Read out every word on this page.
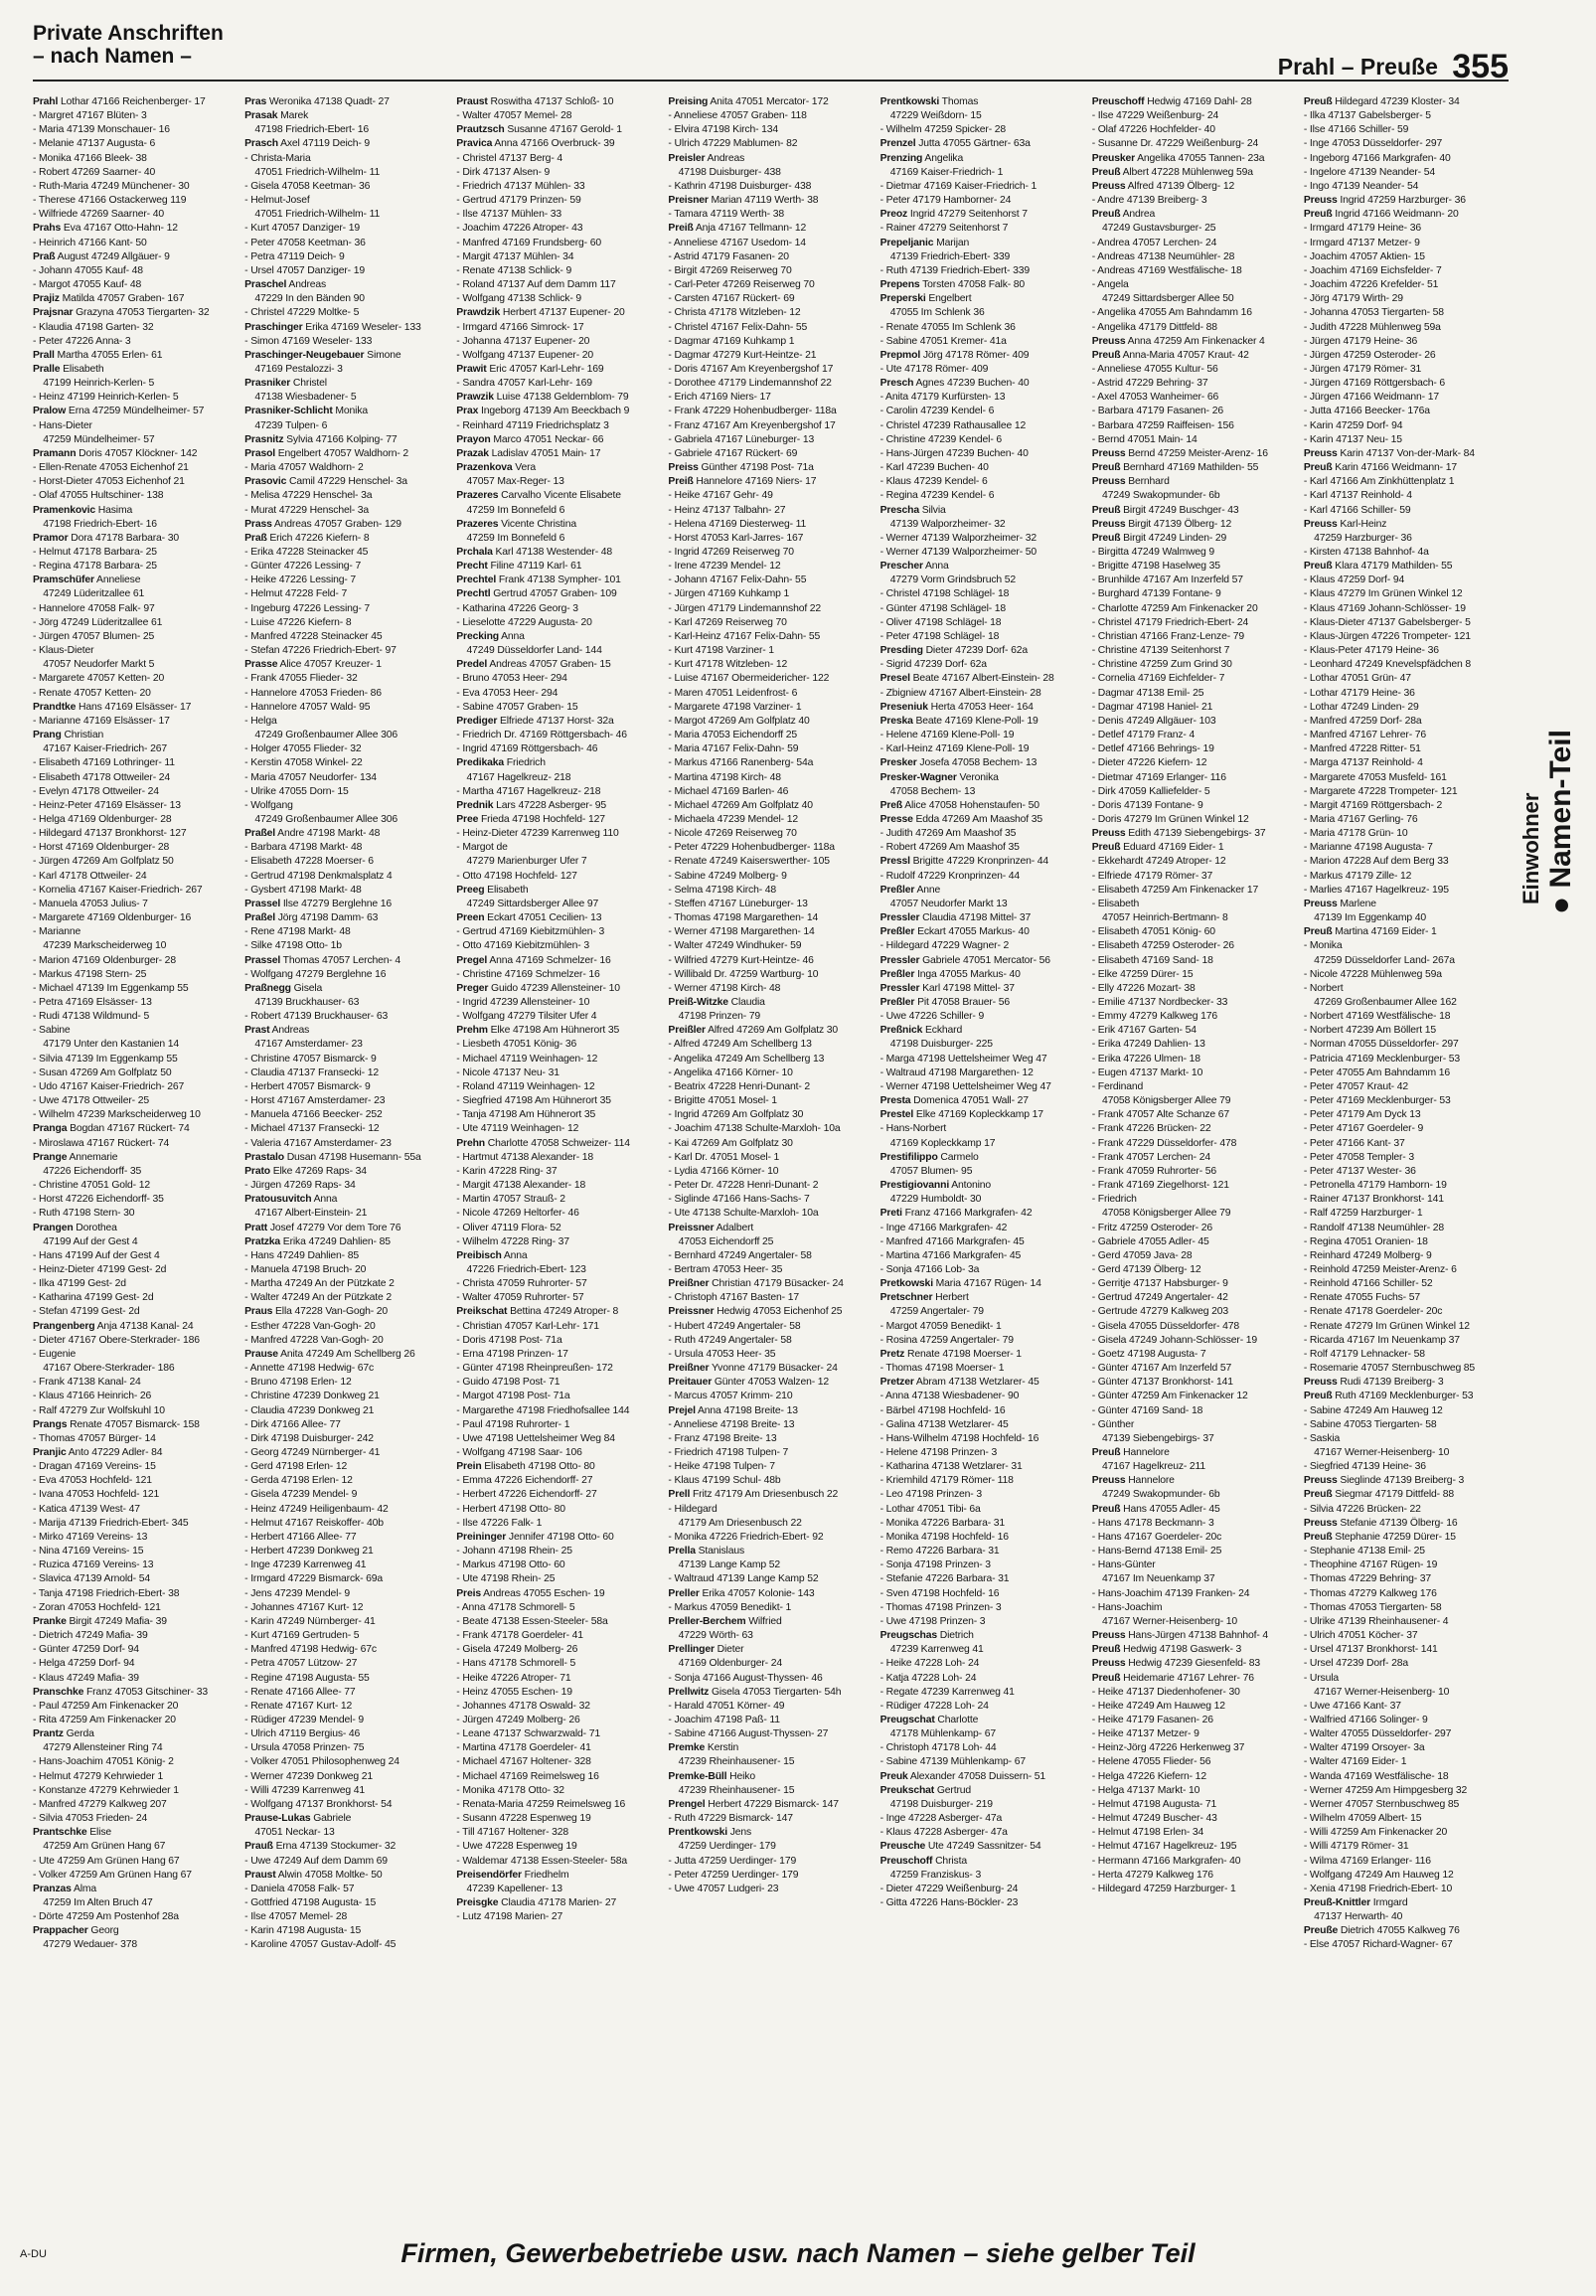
Private Anschriften
– nach Namen –	Prahl – Preuße 355
Prahl Lothar 47166 Reichenberger- 17
- Margret 47167 Blüten- 3
- Maria 47139 Monschauer- 16
- Melanie 47137 Augusta- 6
- Monika 47166 Bleek- 38
- Robert 47269 Saarner- 40
- Ruth-Maria 47249 Münchener- 30
- Therese 47166 Ostackerweg 119
- Wilfriede 47269 Saarner- 40
Prahs Eva 47167 Otto-Hahn- 12
- Heinrich 47166 Kant- 50
Praß August 47249 Allgäuer- 9
- Johann 47055 Kauf- 48
- Margot 47055 Kauf- 48
Prajiz Matilda 47057 Graben- 167
Prajsnar Grazyna 47053 Tiergarten- 32
- Klaudia 47198 Garten- 32
- Peter 47226 Anna- 3
Prall Martha 47055 Erlen- 61
Pralle Elisabeth
 47199 Heinrich-Kerlen- 5
- Heinz 47199 Heinrich-Kerlen- 5
Pralow Erna 47259 Mündelheimer- 57
- Hans-Dieter
 47259 Mündelheimer- 57
Pramann Doris 47057 Klöckner- 142
- Ellen-Renate 47053 Eichenhof 21
- Horst-Dieter 47053 Eichenhof 21
- Olaf 47055 Hultschiner- 138
Pramenkovic Hasima
 47198 Friedrich-Ebert- 16
Pramor Dora 47178 Barbara- 30
- Helmut 47178 Barbara- 25
- Regina 47178 Barbara- 25
Pramschüfer Anneliese
 47249 Lüderitzallee 61
- Hannelore 47058 Falk- 97
- Jörg 47249 Lüderitzallee 61
- Jürgen 47057 Blumen- 25
- Klaus-Dieter
 47057 Neudorfer Markt 5
- Margarete 47057 Ketten- 20
- Renate 47057 Ketten- 20
Prandtke Hans 47169 Elsässer- 17
- Marianne 47169 Elsässer- 17
Prang Christian
 47167 Kaiser-Friedrich- 267
- Elisabeth 47169 Lothringer- 11
- Elisabeth 47178 Ottweiler- 24
- Evelyn 47178 Ottweiler- 24
- Heinz-Peter 47169 Elsässer- 13
- Helga 47169 Oldenburger- 28
- Hildegard 47137 Bronkhorst- 127
- Horst 47169 Oldenburger- 28
- Jürgen 47269 Am Golfplatz 50
- Karl 47178 Ottweiler- 24
- Kornelia 47167 Kaiser-Friedrich- 267
- Manuela 47053 Julius- 7
- Margarete 47169 Oldenburger- 16
- Marianne
 47239 Markscheiderweg 10
- Marion 47169 Oldenburger- 28
- Markus 47198 Stern- 25
- Michael 47139 Im Eggenkamp 55
- Petra 47169 Elsässer- 13
- Rudi 47138 Wildmund- 5
- Sabine
 47179 Unter den Kastanien 14
- Silvia 47139 Im Eggenkamp 55
- Susan 47269 Am Golfplatz 50
- Udo 47167 Kaiser-Friedrich- 267
- Uwe 47178 Ottweiler- 25
- Wilhelm 47239 Markscheiderweg 10
Pranga Bogdan 47167 Rückert- 74
- Miroslawa 47167 Rückert- 74
Prange Annemarie
 47226 Eichendorff- 35
- Christine 47051 Gold- 12
- Horst 47226 Eichendorff- 35
- Ruth 47198 Stern- 30
Prangen Dorothea
 47199 Auf der Gest 4
- Hans 47199 Auf der Gest 4
- Heinz-Dieter 47199 Gest- 2d
- Ilka 47199 Gest- 2d
- Katharina 47199 Gest- 2d
- Stefan 47199 Gest- 2d
Prangenberg Anja 47138 Kanal- 24
- Dieter 47167 Obere-Sterkrader- 186
- Eugenie
 47167 Obere-Sterkrader- 186
- Frank 47138 Kanal- 24
- Klaus 47166 Heinrich- 26
- Ralf 47279 Zur Wolfskuhl 10
Prangs Renate 47057 Bismarck- 158
- Thomas 47057 Bürger- 14
Pranjic Anto 47229 Adler- 84
- Dragan 47169 Vereins- 15
- Eva 47053 Hochfeld- 121
- Ivana 47053 Hochfeld- 121
- Katica 47139 West- 47
- Marija 47139 Friedrich-Ebert- 345
- Mirko 47169 Vereins- 13
- Nina 47169 Vereins- 15
- Ruzica 47169 Vereins- 13
- Slavica 47139 Arnold- 54
- Tanja 47198 Friedrich-Ebert- 38
- Zoran 47053 Hochfeld- 121
Pranke Birgit 47249 Mafia- 39
- Dietrich 47249 Mafia- 39
- Günter 47259 Dorf- 94
- Helga 47259 Dorf- 94
- Klaus 47249 Mafia- 39
Pranschke Franz 47053 Gitschiner- 33
- Paul 47259 Am Finkenacker 20
- Rita 47259 Am Finkenacker 20
Prantz Gerda
 47279 Allensteiner Ring 74
- Hans-Joachim 47051 König- 2
- Helmut 47279 Kehrwieder 1
- Konstanze 47279 Kehrwieder 1
- Manfred 47279 Kalkweg 207
- Silvia 47053 Frieden- 24
Prantschke Elise
 47259 Am Grünen Hang 67
- Ute 47259 Am Grünen Hang 67
- Volker 47259 Am Grünen Hang 67
Pranzas Alma
 47259 Im Alten Bruch 47
- Dörte 47259 Am Postenhof 28a
Prappacher Georg
 47279 Wedauer- 378
Pras Weronika 47138 Quadt- 27
Prasak Marek
 47198 Friedrich-Ebert- 16
Prasch Axel 47119 Deich- 9
- Christa-Maria
 47051 Friedrich-Wilhelm- 11
- Gisela 47058 Keetman- 36
- Helmut-Josef
 47051 Friedrich-Wilhelm- 11
- Kurt 47057 Danziger- 19
- Peter 47058 Keetman- 36
- Petra 47119 Deich- 9
- Ursel 47057 Danziger- 19
Praschel Andreas
 47229 In den Bänden 90
- Christel 47229 Moltke- 5
Praschinger Erika 47169 Weseler- 133
- Simon 47169 Weseler- 133
Praschinger-Neugebauer Simone
 47169 Pestalozzi- 3
Prasniker Christel
 47138 Wiesbadener- 5
Prasniker-Schlicht Monika
 47239 Tulpen- 6
Prasnitz Sylvia 47166 Kolping- 77
Prasol Engelbert 47057 Waldhorn- 2
- Maria 47057 Waldhorn- 2
Prasovic Camil 47229 Henschel- 3a
- Melisa 47229 Henschel- 3a
- Murat 47229 Henschel- 3a
Prass Andreas 47057 Graben- 129
Praß Erich 47226 Kiefern- 8
- Erika 47228 Steinacker 45
- Günter 47226 Lessing- 7
- Heike 47226 Lessing- 7
- Helmut 47228 Feld- 7
- Ingeburg 47226 Lessing- 7
- Luise 47226 Kiefern- 8
- Manfred 47228 Steinacker 45
- Stefan 47226 Friedrich-Ebert- 97
Prasse Alice 47057 Kreuzer- 1
- Frank 47055 Flieder- 32
- Hannelore 47053 Frieden- 86
- Hannelore 47057 Wald- 95
- Helga
 47249 Großenbaumer Allee 306
- Holger 47055 Flieder- 32
- Kerstin 47058 Winkel- 22
- Maria 47057 Neudorfer- 134
- Ulrike 47055 Dorn- 15
- Wolfgang
 47249 Großenbaumer Allee 306
Praßel Andre 47198 Markt- 48
- Barbara 47198 Markt- 48
- Elisabeth 47228 Moerser- 6
- Gertrud 47198 Denkmalsplatz 4
- Gysbert 47198 Markt- 48
Prassel Ilse 47279 Berglehne 16
Praßel Jörg 47198 Damm- 63
- Rene 47198 Markt- 48
- Silke 47198 Otto- 1b
Prassel Thomas 47057 Lerchen- 4
- Wolfgang 47279 Berglehne 16
Praßnegg Gisela
 47139 Bruckhauser- 63
- Robert 47139 Bruckhauser- 63
Prast Andreas
 47167 Amsterdamer- 23
- Christine 47057 Bismarck- 9
- Claudia 47137 Fransecki- 12
- Herbert 47057 Bismarck- 9
- Horst 47167 Amsterdamer- 23
- Manuela 47166 Beecker- 252
- Michael 47137 Fransecki- 12
- Valeria 47167 Amsterdamer- 23
Prastalo Dusan 47198 Husemann- 55a
Prato Elke 47269 Raps- 34
- Jürgen 47269 Raps- 34
Pratousuvitch Anna
 47167 Albert-Einstein- 21
Pratt Josef 47279 Vor dem Tore 76
Pratzka Erika 47249 Dahlien- 85
- Hans 47249 Dahlien- 85
- Manuela 47198 Bruch- 20
- Martha 47249 An der Pützkate 2
- Walter 47249 An der Pützkate 2
Praus Ella 47228 Van-Gogh- 20
- Esther 47228 Van-Gogh- 20
- Manfred 47228 Van-Gogh- 20
Prause Anita 47249 Am Schellberg 26
- Annette 47198 Hedwig- 67c
- Bruno 47198 Erlen- 12
- Christine 47239 Donkweg 21
- Claudia 47239 Donkweg 21
- Dirk 47166 Allee- 77
- Dirk 47198 Duisburger- 242
- Georg 47249 Nürnberger- 41
- Gerd 47198 Erlen- 12
- Gerda 47198 Erlen- 12
- Gisela 47239 Mendel- 9
- Heinz 47249 Heiligenbaum- 42
- Helmut 47167 Reiskoffer- 40b
- Herbert 47166 Allee- 77
- Herbert 47239 Donkweg 21
- Inge 47239 Karrenweg 41
- Irmgard 47229 Bismarck- 69a
- Jens 47239 Mendel- 9
- Johannes 47167 Kurt- 12
- Karin 47249 Nürnberger- 41
- Kurt 47169 Gertruden- 5
- Manfred 47198 Hedwig- 67c
- Petra 47057 Lützow- 27
- Regine 47198 Augusta- 55
- Renate 47166 Allee- 77
- Renate 47167 Kurt- 12
- Rüdiger 47239 Mendel- 9
- Ulrich 47119 Bergius- 46
- Ursula 47058 Prinzen- 75
- Volker 47051 Philosophenweg 24
- Werner 47239 Donkweg 21
- Willi 47239 Karrenweg 41
- Wolfgang 47137 Bronkhorst- 54
Prause-Lukas Gabriele
 47051 Neckar- 13
Prauß Erna 47139 Stockumer- 32
- Uwe 47249 Auf dem Damm 69
Praust Alwin 47058 Moltke- 50
- Daniela 47058 Falk- 57
- Gottfried 47198 Augusta- 15
- Ilse 47057 Memel- 28
- Karin 47198 Augusta- 15
- Karoline 47057 Gustav-Adolf- 45
Praust Roswitha 47137 Schloß- 10
- Walter 47057 Memel- 28
Prautzsch Susanne 47167 Gerold- 1
Pravica Anna 47166 Overbruck- 39
- Christel 47137 Berg- 4
- Dirk 47137 Alsen- 9
- Friedrich 47137 Mühlen- 33
- Gertrud 47179 Prinzen- 59
- Ilse 47137 Mühlen- 33
- Joachim 47226 Atroper- 43
- Manfred 47169 Frundsberg- 60
- Margit 47137 Mühlen- 34
- Renate 47138 Schlick- 9
- Roland 47137 Auf dem Damm 117
- Wolfgang 47138 Schlick- 9
Prawdzik Herbert 47137 Eupener- 20
- Irmgard 47166 Simrock- 17
- Johanna 47137 Eupener- 20
- Wolfgang 47137 Eupener- 20
Prawit Eric 47057 Karl-Lehr- 169
- Sandra 47057 Karl-Lehr- 169
Prawzik Luise 47138 Geldernblom- 79
Prax Ingeborg 47139 Am Beeckbach 9
- Reinhard 47119 Friedrichsplatz 3
Prayon Marco 47051 Neckar- 66
Prazak Ladislav 47051 Main- 17
Prazenkova Vera
 47057 Max-Reger- 13
Prazeres Carvalho Vicente Elisabete
 47259 Im Bonnefeld 6
Prazeres Vicente Christina
 47259 Im Bonnefeld 6
Prchala Karl 47138 Westender- 48
Precht Filine 47119 Karl- 61
Prechtel Frank 47138 Sympher- 101
Prechtl Gertrud 47057 Graben- 109
- Katharina 47226 Georg- 3
- Lieselotte 47229 Augusta- 20
Precking Anna
 47249 Düsseldorfer Land- 144
Predel Andreas 47057 Graben- 15
- Bruno 47053 Heer- 294
- Eva 47053 Heer- 294
- Sabine 47057 Graben- 15
Prediger Elfriede 47137 Horst- 32a
- Friedrich Dr. 47169 Röttgersbach- 46
- Ingrid 47169 Röttgersbach- 46
Predikaka Friedrich
 47167 Hagelkreuz- 218
- Martha 47167 Hagelkreuz- 218
Prednik Lars 47228 Asberger- 95
Pree Frieda 47198 Hochfeld- 127
- Heinz-Dieter 47239 Karrenweg 110
- Margot de
 47279 Marienburger Ufer 7
- Otto 47198 Hochfeld- 127
Preeg Elisabeth
 47249 Sittardsberger Allee 97
Preen Eckart 47051 Cecilien- 13
- Gertrud 47169 Kiebitzmühlen- 3
- Otto 47169 Kiebitzmühlen- 3
Pregel Anna 47169 Schmelzer- 16
- Christine 47169 Schmelzer- 16
Preger Guido 47239 Allensteiner- 10
- Ingrid 47239 Allensteiner- 10
- Wolfgang 47279 Tilsiter Ufer 4
Prehm Elke 47198 Am Hühnerort 35
- Liesbeth 47051 König- 36
- Michael 47119 Weinhagen- 12
- Nicole 47137 Neu- 31
- Roland 47119 Weinhagen- 12
- Siegfried 47198 Am Hühnerort 35
- Tanja 47198 Am Hühnerort 35
- Ute 47119 Weinhagen- 12
Prehn Charlotte 47058 Schweizer- 114
- Hartmut 47138 Alexander- 18
- Karin 47228 Ring- 37
- Margit 47138 Alexander- 18
- Martin 47057 Strauß- 2
- Nicole 47269 Heltorfer- 46
- Oliver 47119 Flora- 52
- Wilhelm 47228 Ring- 37
Preibisch Anna
 47226 Friedrich-Ebert- 123
- Christa 47059 Ruhrorter- 57
- Walter 47059 Ruhrorter- 57
Preikschat Bettina 47249 Atroper- 8
- Christian 47057 Karl-Lehr- 171
- Doris 47198 Post- 71a
- Erna 47198 Prinzen- 17
- Günter 47198 Rheinpreußen- 172
- Guido 47198 Post- 71
- Margot 47198 Post- 71a
- Margarethe 47198 Friedhofsallee 144
- Paul 47198 Ruhrorter- 1
- Uwe 47198 Uettelsheimer Weg 84
- Wolfgang 47198 Saar- 106
Prein Elisabeth 47198 Otto- 80
- Emma 47226 Eichendorff- 27
- Herbert 47226 Eichendorff- 27
- Herbert 47198 Otto- 80
- Ilse 47226 Falk- 1
Preininger Jennifer 47198 Otto- 60
- Johann 47198 Rhein- 25
- Markus 47198 Otto- 60
- Ute 47198 Rhein- 25
Preis Andreas 47055 Eschen- 19
- Anna 47178 Schmorell- 5
- Beate 47138 Essen-Steeler- 58a
- Frank 47178 Goerdeler- 41
- Gisela 47249 Molberg- 26
- Hans 47178 Schmorell- 5
- Heike 47226 Atroper- 71
- Heinz 47055 Eschen- 19
- Johannes 47178 Oswald- 32
- Jürgen 47249 Molberg- 26
- Leane 47137 Schwarzwald- 71
- Martina 47178 Goerdeler- 41
- Michael 47167 Holtener- 328
- Michael 47169 Reimelsweg 16
- Monika 47178 Otto- 32
- Renata-Maria 47259 Reimelsweg 16
- Susann 47228 Espenweg 19
- Till 47167 Holtener- 328
- Uwe 47228 Espenweg 19
- Waldemar 47138 Essen-Steeler- 58a
Preisendörfer Friedhelm
 47239 Kapellener- 13
Preisgke Claudia 47178 Marien- 27
- Lutz 47198 Marien- 27
Preising Anita 47051 Mercator- 172
- Anneliese 47057 Graben- 118
- Elvira 47198 Kirch- 134
- Ulrich 47229 Mablumen- 82
Preisler Andreas
 47198 Duisburger- 438
- Kathrin 47198 Duisburger- 438
Preisner Marian 47119 Werth- 38
- Tamara 47119 Werth- 38
Preiß Anja 47167 Tellmann- 12
- Anneliese 47167 Usedom- 14
- Astrid 47179 Fasanen- 20
- Birgit 47269 Reiserweg 70
- Carl-Peter 47269 Reiserweg 70
- Carsten 47167 Rückert- 69
- Christa 47178 Witzleben- 12
- Christel 47167 Felix-Dahn- 55
- Dagmar 47169 Kuhkamp 1
- Dagmar 47279 Kurt-Heintze- 21
- Doris 47167 Am Kreyenbergshof 17
- Dorothee 47179 Lindemannshof 22
- Erich 47169 Niers- 17
- Frank 47229 Hohenbudberger- 118a
- Franz 47167 Am Kreyenbergshof 17
- Gabriela 47167 Lüneburger- 13
- Gabriele 47167 Rückert- 69
Preiss Günther 47198 Post- 71a
Preiß Hannelore 47169 Niers- 17
- Heike 47167 Gehr- 49
- Heinz 47137 Talbahn- 27
- Helena 47169 Diesterweg- 11
- Horst 47053 Karl-Jarres- 167
- Ingrid 47269 Reiserweg 70
- Irene 47239 Mendel- 12
- Johann 47167 Felix-Dahn- 55
- Jürgen 47169 Kuhkamp 1
- Jürgen 47179 Lindemannshof 22
- Karl 47269 Reiserweg 70
- Karl-Heinz 47167 Felix-Dahn- 55
- Kurt 47198 Varziner- 1
- Kurt 47178 Witzleben- 12
- Luise 47167 Obermeidericher- 122
- Maren 47051 Leidenfrost- 6
- Margarete 47198 Varziner- 1
- Margot 47269 Am Golfplatz 40
- Maria 47053 Eichendorff 25
- Maria 47167 Felix-Dahn- 59
- Markus 47166 Ranenberg- 54a
- Martina 47198 Kirch- 48
- Michael 47169 Barlen- 46
- Michael 47269 Am Golfplatz 40
- Michaela 47239 Mendel- 12
- Nicole 47269 Reiserweg 70
- Peter 47229 Hohenbudberger- 118a
- Renate 47249 Kaiserswerther- 105
- Sabine 47249 Molberg- 9
- Selma 47198 Kirch- 48
- Steffen 47167 Lüneburger- 13
- Thomas 47198 Margarethen- 14
- Werner 47198 Margarethen- 14
- Walter 47249 Windhuker- 59
- Wilfried 47279 Kurt-Heintze- 46
- Willibald Dr. 47259 Wartburg- 10
- Werner 47198 Kirch- 48
Preiß-Witzke Claudia
 47198 Prinzen- 79
Preißler Alfred 47269 Am Golfplatz 30
- Alfred 47249 Am Schellberg 13
- Angelika 47249 Am Schellberg 13
- Angelika 47166 Körner- 10
- Beatrix 47228 Henri-Dunant- 2
- Brigitte 47051 Mosel- 1
- Ingrid 47269 Am Golfplatz 30
- Joachim 47138 Schulte-Marxloh- 10a
- Kai 47269 Am Golfplatz 30
- Karl Dr. 47051 Mosel- 1
- Lydia 47166 Körner- 10
- Peter Dr. 47228 Henri-Dunant- 2
- Siglinde 47166 Hans-Sachs- 7
- Ute 47138 Schulte-Marxloh- 10a
Preissner Adalbert
 47053 Eichendorff 25
- Bernhard 47249 Angertaler- 58
- Bertram 47053 Heer- 35
Preißner Christian 47179 Büsacker- 24
- Christoph 47167 Basten- 17
Preissner Hedwig 47053 Eichenhof 25
- Hubert 47249 Angertaler- 58
- Ruth 47249 Angertaler- 58
- Ursula 47053 Heer- 35
Preißner Yvonne 47179 Büsacker- 24
Preitauer Günter 47053 Walzen- 12
- Marcus 47057 Krimm- 210
Prejel Anna 47198 Breite- 13
- Anneliese 47198 Breite- 13
- Franz 47198 Breite- 13
- Friedrich 47198 Tulpen- 7
- Heike 47198 Tulpen- 7
- Klaus 47199 Schul- 48b
Prell Fritz 47179 Am Driesenbusch 22
- Hildegard
 47179 Am Driesenbusch 22
- Monika 47226 Friedrich-Ebert- 92
Prella Stanislaus
 47139 Lange Kamp 52
- Waltraud 47139 Lange Kamp 52
Preller Erika 47057 Kolonie- 143
- Markus 47059 Benedikt- 1
Preller-Berchem Wilfried
 47229 Wörth- 63
Prellinger Dieter
 47169 Oldenburger- 24
- Sonja 47166 August-Thyssen- 46
Prellwitz Gisela 47053 Tiergarten- 54h
- Harald 47051 Körner- 49
- Joachim 47198 Paß- 11
- Sabine 47166 August-Thyssen- 27
Premke Kerstin
 47239 Rheinhausener- 15
Premke-Büll Heiko
 47239 Rheinhausener- 15
Prengel Herbert 47229 Bismarck- 147
- Ruth 47229 Bismarck- 147
Prentkowski Jens
 47259 Uerdinger- 179
- Jutta 47259 Uerdinger- 179
- Peter 47259 Uerdinger- 179
- Uwe 47057 Ludgeri- 23
Prentkowski Thomas
 47229 Weißdorn- 15
- Wilhelm 47259 Spicker- 28
Prenzel Jutta 47055 Gärtner- 63a
Prenzing Angelika
 47169 Kaiser-Friedrich- 1
- Dietmar 47169 Kaiser-Friedrich- 1
- Peter 47179 Hamborner- 24
Preoz Ingrid 47279 Seitenhorst 7
- Rainer 47279 Seitenhorst 7
Prepeljanic Marijan
 47139 Friedrich-Ebert- 339
- Ruth 47139 Friedrich-Ebert- 339
Prepens Torsten 47058 Falk- 80
Preperski Engelbert
 47055 Im Schlenk 36
- Renate 47055 Im Schlenk 36
- Sabine 47051 Kremer- 41a
Prepmol Jörg 47178 Römer- 409
- Ute 47178 Römer- 409
Presch Agnes 47239 Buchen- 40
- Anita 47179 Kurfürsten- 13
- Carolin 47239 Kendel- 6
- Christel 47239 Rathausallee 12
- Christine 47239 Kendel- 6
- Hans-Jürgen 47239 Buchen- 40
- Karl 47239 Buchen- 40
- Klaus 47239 Kendel- 6
- Regina 47239 Kendel- 6
Prescha Silvia
 47139 Walporzheimer- 32
- Werner 47139 Walporzheimer- 32
- Werner 47139 Walporzheimer- 50
Prescher Anna
 47279 Vorm Grindsbruch 52
- Christel 47198 Schlägel- 18
- Günter 47198 Schlägel- 18
- Oliver 47198 Schlägel- 18
- Peter 47198 Schlägel- 18
Presding Dieter 47239 Dorf- 62a
- Sigrid 47239 Dorf- 62a
Presel Beate 47167 Albert-Einstein- 28
- Zbigniew 47167 Albert-Einstein- 28
Preseniuk Herta 47053 Heer- 164
Preska Beate 47169 Klene-Poll- 19
- Helene 47169 Klene-Poll- 19
- Karl-Heinz 47169 Klene-Poll- 19
Presker Josefa 47058 Bechem- 13
Presker-Wagner Veronika
 47058 Bechem- 13
Preß Alice 47058 Hohenstaufen- 50
Presse Edda 47269 Am Maashof 35
- Judith 47269 Am Maashof 35
- Robert 47269 Am Maashof 35
Pressl Brigitte 47229 Kronprinzen- 44
- Rudolf 47229 Kronprinzen- 44
Preßler Anne
 47057 Neudorfer Markt 13
Pressler Claudia 47198 Mittel- 37
Preßler Eckart 47055 Markus- 40
- Hildegard 47229 Wagner- 2
Pressler Gabriele 47051 Mercator- 56
Preßler Inga 47055 Markus- 40
Pressler Karl 47198 Mittel- 37
Preßler Pit 47058 Brauer- 56
- Uwe 47226 Schiller- 9
Preßnick Eckhard
 47198 Duisburger- 225
- Marga 47198 Uettelsheimer Weg 47
- Waltraud 47198 Margarethen- 12
- Werner 47198 Uettelsheimer Weg 47
Presta Domenica 47051 Wall- 27
Prestel Elke 47169 Kopleckkamp 17
- Hans-Norbert
 47169 Kopleckkamp 17
Prestifilippo Carmelo
 47057 Blumen- 95
Prestigiovanni Antonino
 47229 Humboldt- 30
Preti Franz 47166 Markgrafen- 42
- Inge 47166 Markgrafen- 42
- Manfred 47166 Markgrafen- 45
- Martina 47166 Markgrafen- 45
- Sonja 47166 Lob- 3a
Pretkowski Maria 47167 Rügen- 14
Pretschner Herbert
 47259 Angertaler- 79
- Margot 47059 Benedikt- 1
- Rosina 47259 Angertaler- 79
Pretz Renate 47198 Moerser- 1
- Thomas 47198 Moerser- 1
Pretzer Abram 47138 Wetzlarer- 45
- Anna 47138 Wiesbadener- 90
- Bärbel 47198 Hochfeld- 16
- Galina 47138 Wetzlarer- 45
- Hans-Wilhelm 47198 Hochfeld- 16
- Helene 47198 Prinzen- 3
- Katharina 47138 Wetzlarer- 31
- Kriemhild 47179 Römer- 118
- Leo 47198 Prinzen- 3
- Lothar 47051 Tibi- 6a
- Monika 47226 Barbara- 31
- Monika 47198 Hochfeld- 16
- Remo 47226 Barbara- 31
- Sonja 47198 Prinzen- 3
- Stefanie 47226 Barbara- 31
- Sven 47198 Hochfeld- 16
- Thomas 47198 Prinzen- 3
- Uwe 47198 Prinzen- 3
Preugschas Dietrich
 47239 Karrenweg 41
- Heike 47228 Loh- 24
- Katja 47228 Loh- 24
- Regate 47239 Karrenweg 41
- Rüdiger 47228 Loh- 24
Preugschat Charlotte
 47178 Mühlenkamp- 67
- Christoph 47178 Loh- 44
- Sabine 47139 Mühlenkamp- 67
Preuk Alexander 47058 Duissern- 51
Preukschat Gertrud
 47198 Duisburger- 219
- Inge 47228 Asberger- 47a
- Klaus 47228 Asberger- 47a
Preusche Ute 47249 Sassnitzer- 54
Preuschoff Christa
 47259 Franziskus- 3
- Dieter 47229 Weißenburg- 24
- Gitta 47226 Hans-Böckler- 23
Preuschoff Hedwig 47169 Dahl- 28
- Ilse 47229 Weißenburg- 24
- Olaf 47226 Hochfelder- 40
- Susanne Dr. 47229 Weißenburg- 24
Preusker Angelika 47055 Tannen- 23a
Preuß Albert 47228 Mühlenweg 59a
Preuss Alfred 47139 Ölberg- 12
- Andre 47139 Breiberg- 3
Preuß Andrea
 47249 Gustavsburger- 25
- Andrea 47057 Lerchen- 24
- Andreas 47138 Neumühler- 28
- Andreas 47169 Westfälische- 18
- Angela
 47249 Sittardsberger Allee 50
- Angelika 47055 Am Bahndamm 16
- Angelika 47179 Dittfeld- 88
Preuss Anna 47259 Am Finkenacker 4
Preuß Anna-Maria 47057 Kraut- 42
- Anneliese 47055 Kultur- 56
- Astrid 47229 Behring- 37
- Axel 47053 Wanheimer- 66
- Barbara 47179 Fasanen- 26
- Barbara 47259 Raiffeisen- 156
- Bernd 47051 Main- 14
Preuss Bernd 47259 Meister-Arenz- 16
Preuß Bernhard 47169 Mathilden- 55
Preuss Bernhard
 47249 Swakopmunder- 6b
Preuß Birgit 47249 Buschger- 43
Preuss Birgit 47139 Ölberg- 12
Preuß Birgit 47249 Linden- 29
- Birgitta 47249 Walmweg 9
- Brigitte 47198 Haselweg 35
- Brunhilde 47167 Am Inzerfeld 57
- Burghard 47139 Fontane- 9
- Charlotte 47259 Am Finkenacker 20
- Christel 47179 Friedrich-Ebert- 24
- Christian 47166 Franz-Lenze- 79
- Christine 47139 Seitenhorst 7
- Christine 47259 Zum Grind 30
- Cornelia 47169 Eichfelder- 7
- Dagmar 47138 Emil- 25
- Dagmar 47198 Haniel- 21
- Denis 47249 Allgäuer- 103
- Detlef 47179 Franz- 4
- Detlef 47166 Behrings- 19
- Dieter 47226 Kiefern- 12
- Dietmar 47169 Erlanger- 116
- Dirk 47059 Kalliefelder- 5
- Doris 47139 Fontane- 9
- Doris 47279 Im Grünen Winkel 12
Preuss Edith 47139 Siebengebirgs- 37
Preuß Eduard 47169 Eider- 1
- Ekkehardt 47249 Atroper- 12
- Elfriede 47179 Römer- 37
- Elisabeth 47259 Am Finkenacker 17
- Elisabeth
 47057 Heinrich-Bertmann- 8
- Elisabeth 47051 König- 60
- Elisabeth 47259 Osteroder- 26
- Elisabeth 47169 Sand- 18
- Elke 47259 Dürer- 15
- Elly 47226 Mozart- 38
- Emilie 47137 Nordbecker- 33
- Emmy 47279 Kalkweg 176
- Erik 47167 Garten- 54
- Erika 47249 Dahlien- 13
- Erika 47226 Ulmen- 18
- Eugen 47137 Markt- 10
- Ferdinand
 47058 Königsberger Allee 79
- Frank 47057 Alte Schanze 67
- Frank 47226 Brücken- 22
- Frank 47229 Düsseldorfer- 478
- Frank 47057 Lerchen- 24
- Frank 47059 Ruhrorter- 56
- Frank 47169 Ziegelhorst- 121
- Friedrich
 47058 Königsberger Allee 79
- Fritz 47259 Osteroder- 26
- Gabriele 47055 Adler- 45
- Gerd 47059 Java- 28
- Gerd 47139 Ölberg- 12
- Gerritje 47137 Habsburger- 9
- Gertrud 47249 Angertaler- 42
- Gertrude 47279 Kalkweg 203
- Gisela 47055 Düsseldorfer- 478
- Gisela 47249 Johann-Schlösser- 19
- Goetz 47198 Augusta- 7
- Günter 47167 Am Inzerfeld 57
- Günter 47137 Bronkhorst- 141
- Günter 47259 Am Finkenacker 12
- Günter 47169 Sand- 18
- Günther
 47139 Siebengebirgs- 37
Preuß Hannelore
 47167 Hagelkreuz- 211
Preuss Hannelore
 47249 Swakopmunder- 6b
Preuß Hans 47055 Adler- 45
- Hans 47178 Beckmann- 3
- Hans 47167 Goerdeler- 20c
- Hans-Bernd 47138 Emil- 25
- Hans-Günter
 47167 Im Neuenkamp 37
- Hans-Joachim 47139 Franken- 24
- Hans-Joachim
 47167 Werner-Heisenberg- 10
Preuss Hans-Jürgen 47138 Bahnhof- 4
Preuß Hedwig 47198 Gaswerk- 3
Preuss Hedwig 47239 Giesenfeld- 83
Preuß Heidemarie 47167 Lehrer- 76
- Heike 47137 Diedenhofener- 30
- Heike 47249 Am Hauweg 12
- Heike 47179 Fasanen- 26
- Heike 47137 Metzer- 9
- Heinz-Jörg 47226 Herkenweg 37
- Helene 47055 Flieder- 56
- Helga 47226 Kiefern- 12
- Helga 47137 Markt- 10
- Helmut 47198 Augusta- 71
- Helmut 47249 Buscher- 43
- Helmut 47198 Erlen- 34
- Helmut 47167 Hagelkreuz- 195
- Hermann 47166 Markgrafen- 40
- Herta 47279 Kalkweg 176
- Hildegard 47259 Harzburger- 1
Preuß Hildegard 47239 Kloster- 34
- Ilka 47137 Gabelsberger- 5
- Ilse 47166 Schiller- 59
- Inge 47053 Düsseldorfer- 297
- Ingeborg 47166 Markgrafen- 40
- Ingelore 47139 Neander- 54
- Ingo 47139 Neander- 54
Preuss Ingrid 47259 Harzburger- 36
Preuß Ingrid 47166 Weidmann- 20
- Irmgard 47179 Heine- 36
- Irmgard 47137 Metzer- 9
- Joachim 47057 Aktien- 15
- Joachim 47169 Eichsfelder- 7
- Joachim 47226 Krefelder- 51
- Jörg 47179 Wirth- 29
- Johanna 47053 Tiergarten- 58
- Judith 47228 Mühlenweg 59a
- Jürgen 47179 Heine- 36
- Jürgen 47259 Osteroder- 26
- Jürgen 47179 Römer- 31
- Jürgen 47169 Röttgersbach- 6
- Jürgen 47166 Weidmann- 17
- Jutta 47166 Beecker- 176a
- Karin 47259 Dorf- 94
- Karin 47137 Neu- 15
Preuss Karin 47137 Von-der-Mark- 84
Preuß Karin 47166 Weidmann- 17
- Karl 47166 Am Zinkhüttenplatz 1
- Karl 47137 Reinhold- 4
- Karl 47166 Schiller- 59
Preuss Karl-Heinz
 47259 Harzburger- 36
- Kirsten 47138 Bahnhof- 4a
Preuß Klara 47179 Mathilden- 55
- Klaus 47259 Dorf- 94
- Klaus 47279 Im Grünen Winkel 12
- Klaus 47169 Johann-Schlösser- 19
- Klaus-Dieter 47137 Gabelsberger- 5
- Klaus-Jürgen 47226 Trompeter- 121
- Klaus-Peter 47179 Heine- 36
- Leonhard 47249 Knevelspfädchen 8
- Lothar 47051 Grün- 47
- Lothar 47179 Heine- 36
- Lothar 47249 Linden- 29
- Manfred 47259 Dorf- 28a
- Manfred 47167 Lehrer- 76
- Manfred 47228 Ritter- 51
- Marga 47137 Reinhold- 4
- Margarete 47053 Musfeld- 161
- Margarete 47228 Trompeter- 121
- Margit 47169 Röttgersbach- 2
- Maria 47167 Gerling- 76
- Maria 47178 Grün- 10
- Marianne 47198 Augusta- 7
- Marion 47228 Auf dem Berg 33
- Markus 47179 Zille- 12
- Marlies 47167 Hagelkreuz- 195
Preuss Marlene
 47139 Im Eggenkamp 40
Preuß Martina 47169 Eider- 1
- Monika
 47259 Düsseldorfer Land- 267a
- Nicole 47228 Mühlenweg 59a
- Norbert
 47269 Großenbaumer Allee 162
- Norbert 47169 Westfälische- 18
- Norbert 47239 Am Böllert 15
- Norman 47055 Düsseldorfer- 297
- Patricia 47169 Mecklenburger- 53
- Peter 47055 Am Bahndamm 16
- Peter 47057 Kraut- 42
- Peter 47169 Mecklenburger- 53
- Peter 47179 Am Dyck 13
- Peter 47167 Goerdeler- 9
- Peter 47166 Kant- 37
- Peter 47058 Templer- 3
- Peter 47137 Wester- 36
- Petronella 47179 Hamborn- 19
- Rainer 47137 Bronkhorst- 141
- Ralf 47259 Harzburger- 1
- Randolf 47138 Neumühler- 28
- Regina 47051 Oranien- 18
- Reinhard 47249 Molberg- 9
- Reinhold 47259 Meister-Arenz- 6
- Reinhold 47166 Schiller- 52
- Renate 47055 Fuchs- 57
- Renate 47178 Goerdeler- 20c
- Renate 47279 Im Grünen Winkel 12
- Ricarda 47167 Im Neuenkamp 37
- Rolf 47179 Lehnacker- 58
- Rosemarie 47057 Sternbuschweg 85
Preuss Rudi 47139 Breiberg- 3
Preuß Ruth 47169 Mecklenburger- 53
- Sabine 47249 Am Hauweg 12
- Sabine 47053 Tiergarten- 58
- Saskia
 47167 Werner-Heisenberg- 10
- Siegfried 47139 Heine- 36
Preuss Sieglinde 47139 Breiberg- 3
Preuß Siegmar 47179 Dittfeld- 88
- Silvia 47226 Brücken- 22
Preuss Stefanie 47139 Ölberg- 16
Preuß Stephanie 47259 Dürer- 15
- Stephanie 47138 Emil- 25
- Theophine 47167 Rügen- 19
- Thomas 47229 Behring- 37
- Thomas 47279 Kalkweg 176
- Thomas 47053 Tiergarten- 58
- Ulrike 47139 Rheinhausener- 4
- Ulrich 47051 Köcher- 37
- Ursel 47137 Bronkhorst- 141
- Ursel 47239 Dorf- 28a
- Ursula
 47167 Werner-Heisenberg- 10
- Uwe 47166 Kant- 37
- Walfried 47166 Solinger- 9
- Walter 47055 Düsseldorfer- 297
- Walter 47199 Orsoyer- 3a
- Walter 47169 Eider- 1
- Wanda 47169 Westfälische- 18
- Werner 47259 Am Himpgesberg 32
- Werner 47057 Sternbuschweg 85
- Wilhelm 47059 Albert- 15
- Willi 47259 Am Finkenacker 20
- Willi 47179 Römer- 31
- Wilma 47169 Erlanger- 116
- Wolfgang 47249 Am Hauweg 12
- Xenia 47198 Friedrich-Ebert- 10
Preuß-Knittler Irmgard
 47137 Herwarth- 40
Preuße Dietrich 47055 Kalkweg 76
- Else 47057 Richard-Wagner- 67
Einwohner ● Namen-Teil
A-DU	Firmen, Gewerbebetriebe usw. nach Namen – siehe gelber Teil
